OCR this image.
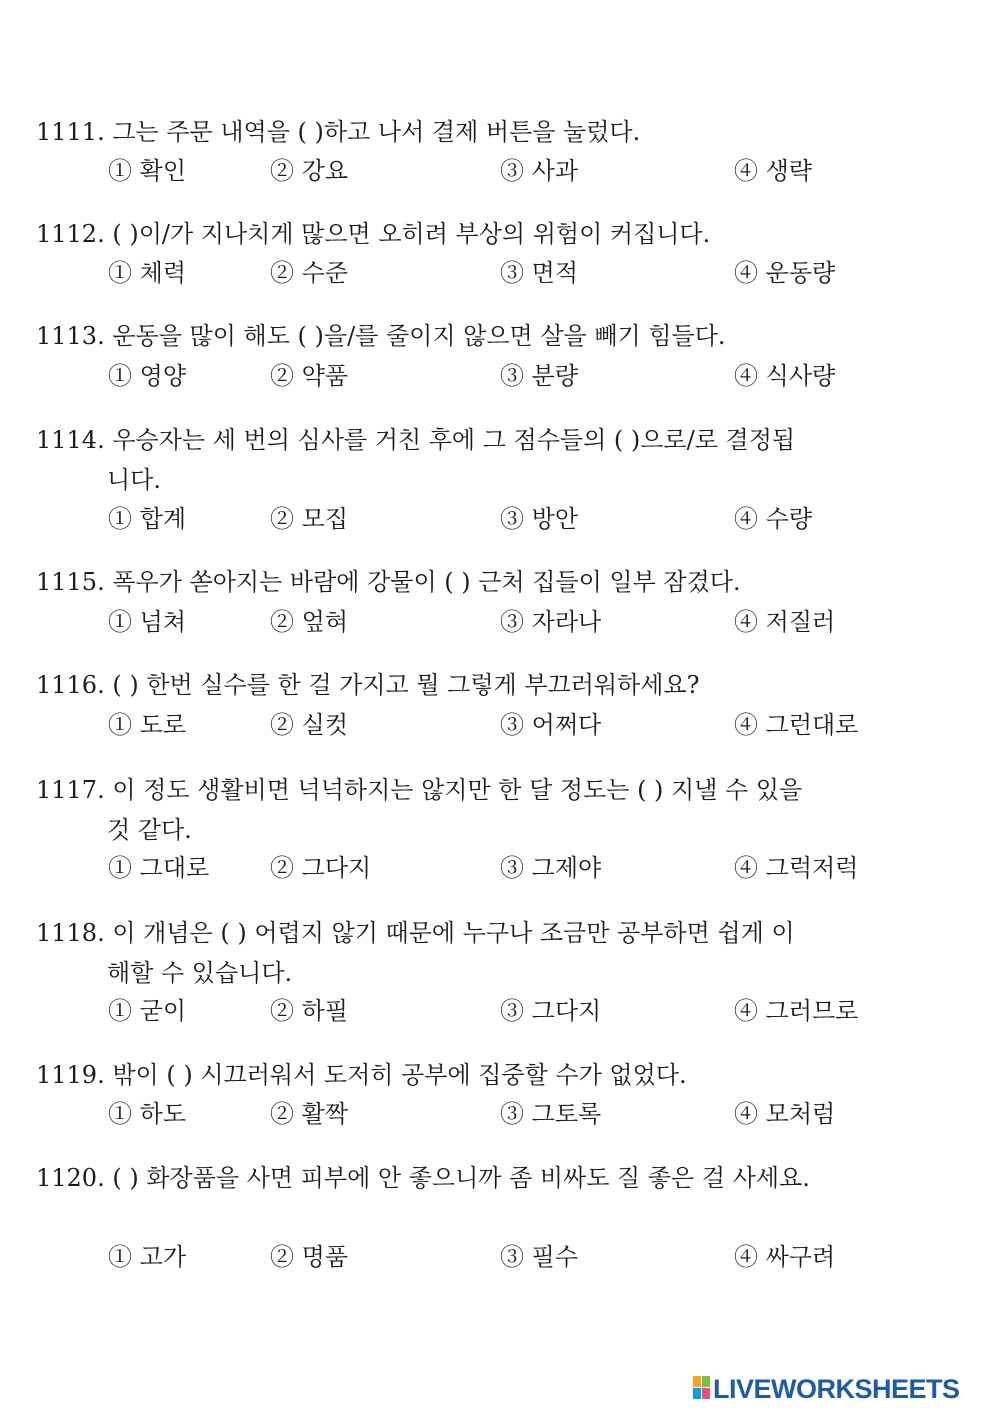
1111. 그는 주문 내역을 ( )하고 나서 결제 버튼을 눌렀다.
① 확인	② 강요	③ 사과	④ 생략
1112. ( )이/가 지나치게 많으면 오히려 부상의 위험이 커집니다.
① 체력	② 수준	③ 면적	④ 운동량
1113. 운동을 많이 해도 ( )을/를 줄이지 않으면 살을 빼기 힘들다.
① 영양	② 약품	③ 분량	④ 식사량
1114. 우승자는 세 번의 심사를 거친 후에 그 점수들의 ( )으로/로 결정됩
니다.
① 합계	② 모집	③ 방안	④ 수량
1115. 폭우가 쏟아지는 바람에 강물이 ( ) 근처 집들이 일부 잠겼다.
① 넘쳐	② 엎혀	③ 자라나	④ 저질러
1116. ( ) 한번 실수를 한 걸 가지고 뭘 그렇게 부끄러워하세요?
① 도로	② 실컷	③ 어쩌다	④ 그런대로
1117. 이 정도 생활비면 넉넉하지는 않지만 한 달 정도는 ( ) 지낼 수 있을
것 같다.
① 그대로	② 그다지	③ 그제야	④ 그럭저럭
1118. 이 개념은 ( ) 어렵지 않기 때문에 누구나 조금만 공부하면 쉽게 이
해할 수 있습니다.
① 굳이	② 하필	③ 그다지	④ 그러므로
1119. 밖이 ( ) 시끄러워서 도저히 공부에 집중할 수가 없었다.
① 하도	② 활짝	③ 그토록	④ 모처럼
1120. ( ) 화장품을 사면 피부에 안 좋으니까 좀 비싸도 질 좋은 걸 사세요.
① 고가	② 명품	③ 필수	④ 싸구려
LIVEWORKSHEETS
